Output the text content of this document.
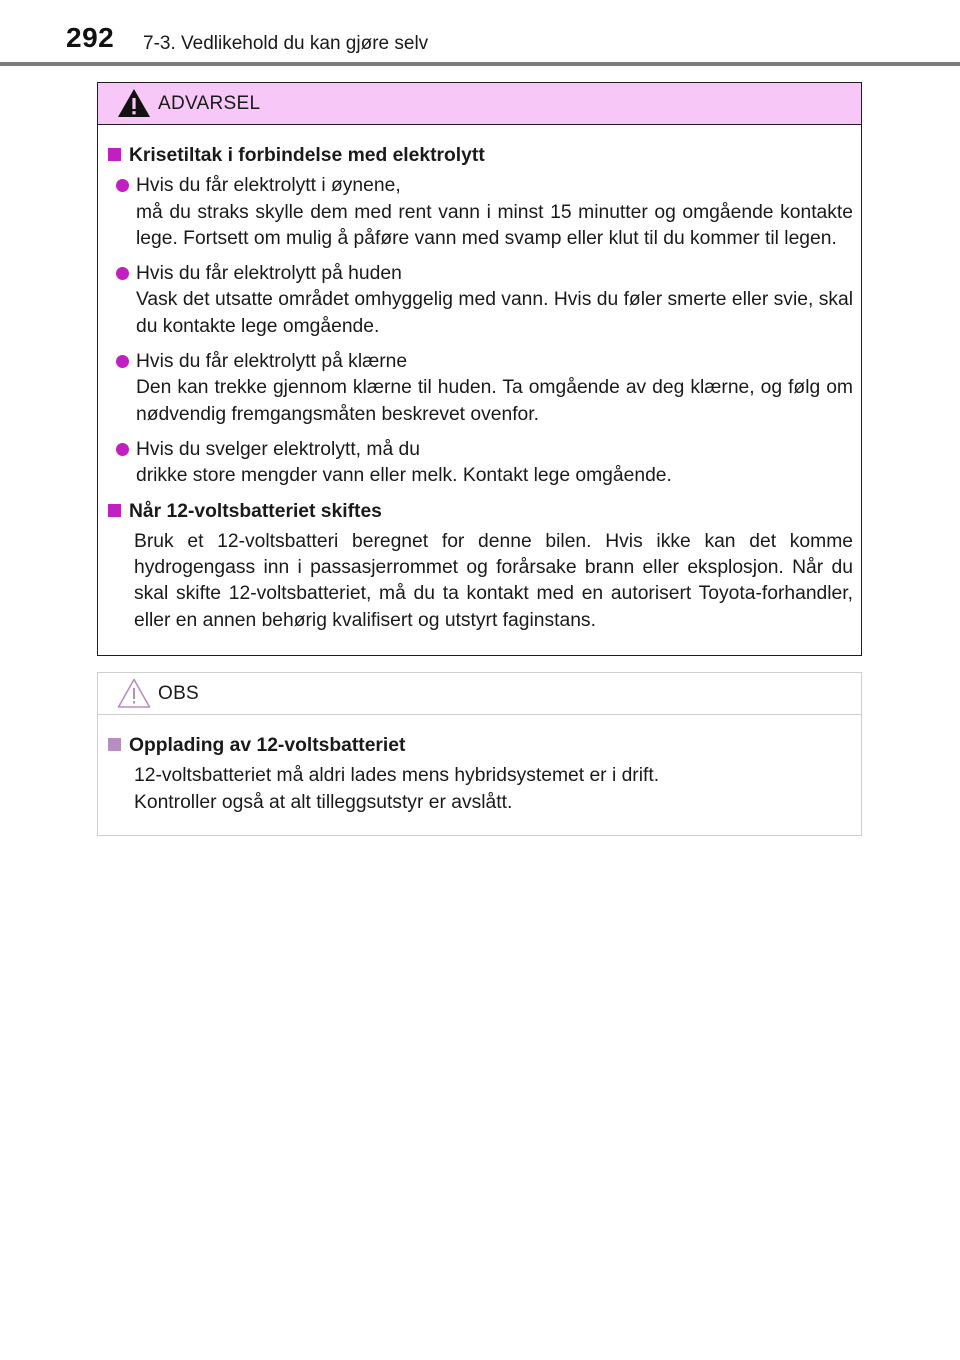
292 7-3. Vedlikehold du kan gjøre selv
ADVARSEL
Krisetiltak i forbindelse med elektrolytt
Hvis du får elektrolytt i øynene,
må du straks skylle dem med rent vann i minst 15 minutter og omgående kontakte lege. Fortsett om mulig å påføre vann med svamp eller klut til du kommer til legen.
Hvis du får elektrolytt på huden
Vask det utsatte området omhyggelig med vann. Hvis du føler smerte eller svie, skal du kontakte lege omgående.
Hvis du får elektrolytt på klærne
Den kan trekke gjennom klærne til huden. Ta omgående av deg klærne, og følg om nødvendig fremgangsmåten beskrevet ovenfor.
Hvis du svelger elektrolytt, må du
drikke store mengder vann eller melk. Kontakt lege omgående.
Når 12-voltsbatteriet skiftes
Bruk et 12-voltsbatteri beregnet for denne bilen. Hvis ikke kan det komme hydrogengass inn i passasjerrommet og forårsake brann eller eksplosjon. Når du skal skifte 12-voltsbatteriet, må du ta kontakt med en autorisert Toyota-forhandler, eller en annen behørig kvalifisert og utstyrt faginstans.
OBS
Opplading av 12-voltsbatteriet
12-voltsbatteriet må aldri lades mens hybridsystemet er i drift.
Kontroller også at alt tilleggsutstyr er avslått.
